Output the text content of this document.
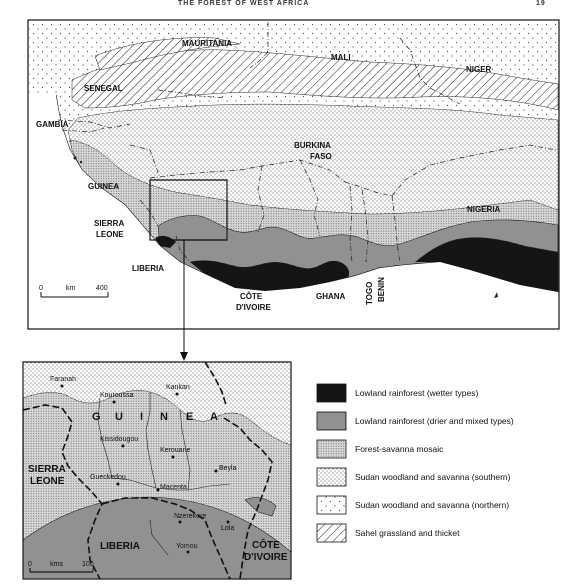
THE FOREST OF WEST AFRICA	19
MAURITANIA
MALI
NIGER
SENEGAL
GAMBIA
BURKINA
FASO
GUINEA
SIERRA
LEONE
NIGERIA
LIBERIA
CÔTE
D'IVOIRE
GHANA TOGO BENIN
0	km	400
Faranah
Kouroussa
Kankan
Kissidougou
Kerouane
Gueckedou
Macenta
Beyla
Nzerekore
Lola
Yomou
G U I N E A
SIERRA
LEONE
LIBERIA	CÔTE
D'IVOIRE
0	kms	100
Lowland rainforest (wetter types)
Lowland rainforest (drier and mixed types)
Forest-savanna mosaic
Sudan woodland and savanna (southern)
Sudan woodland and savanna (northern)
Sahel grassland and thicket
